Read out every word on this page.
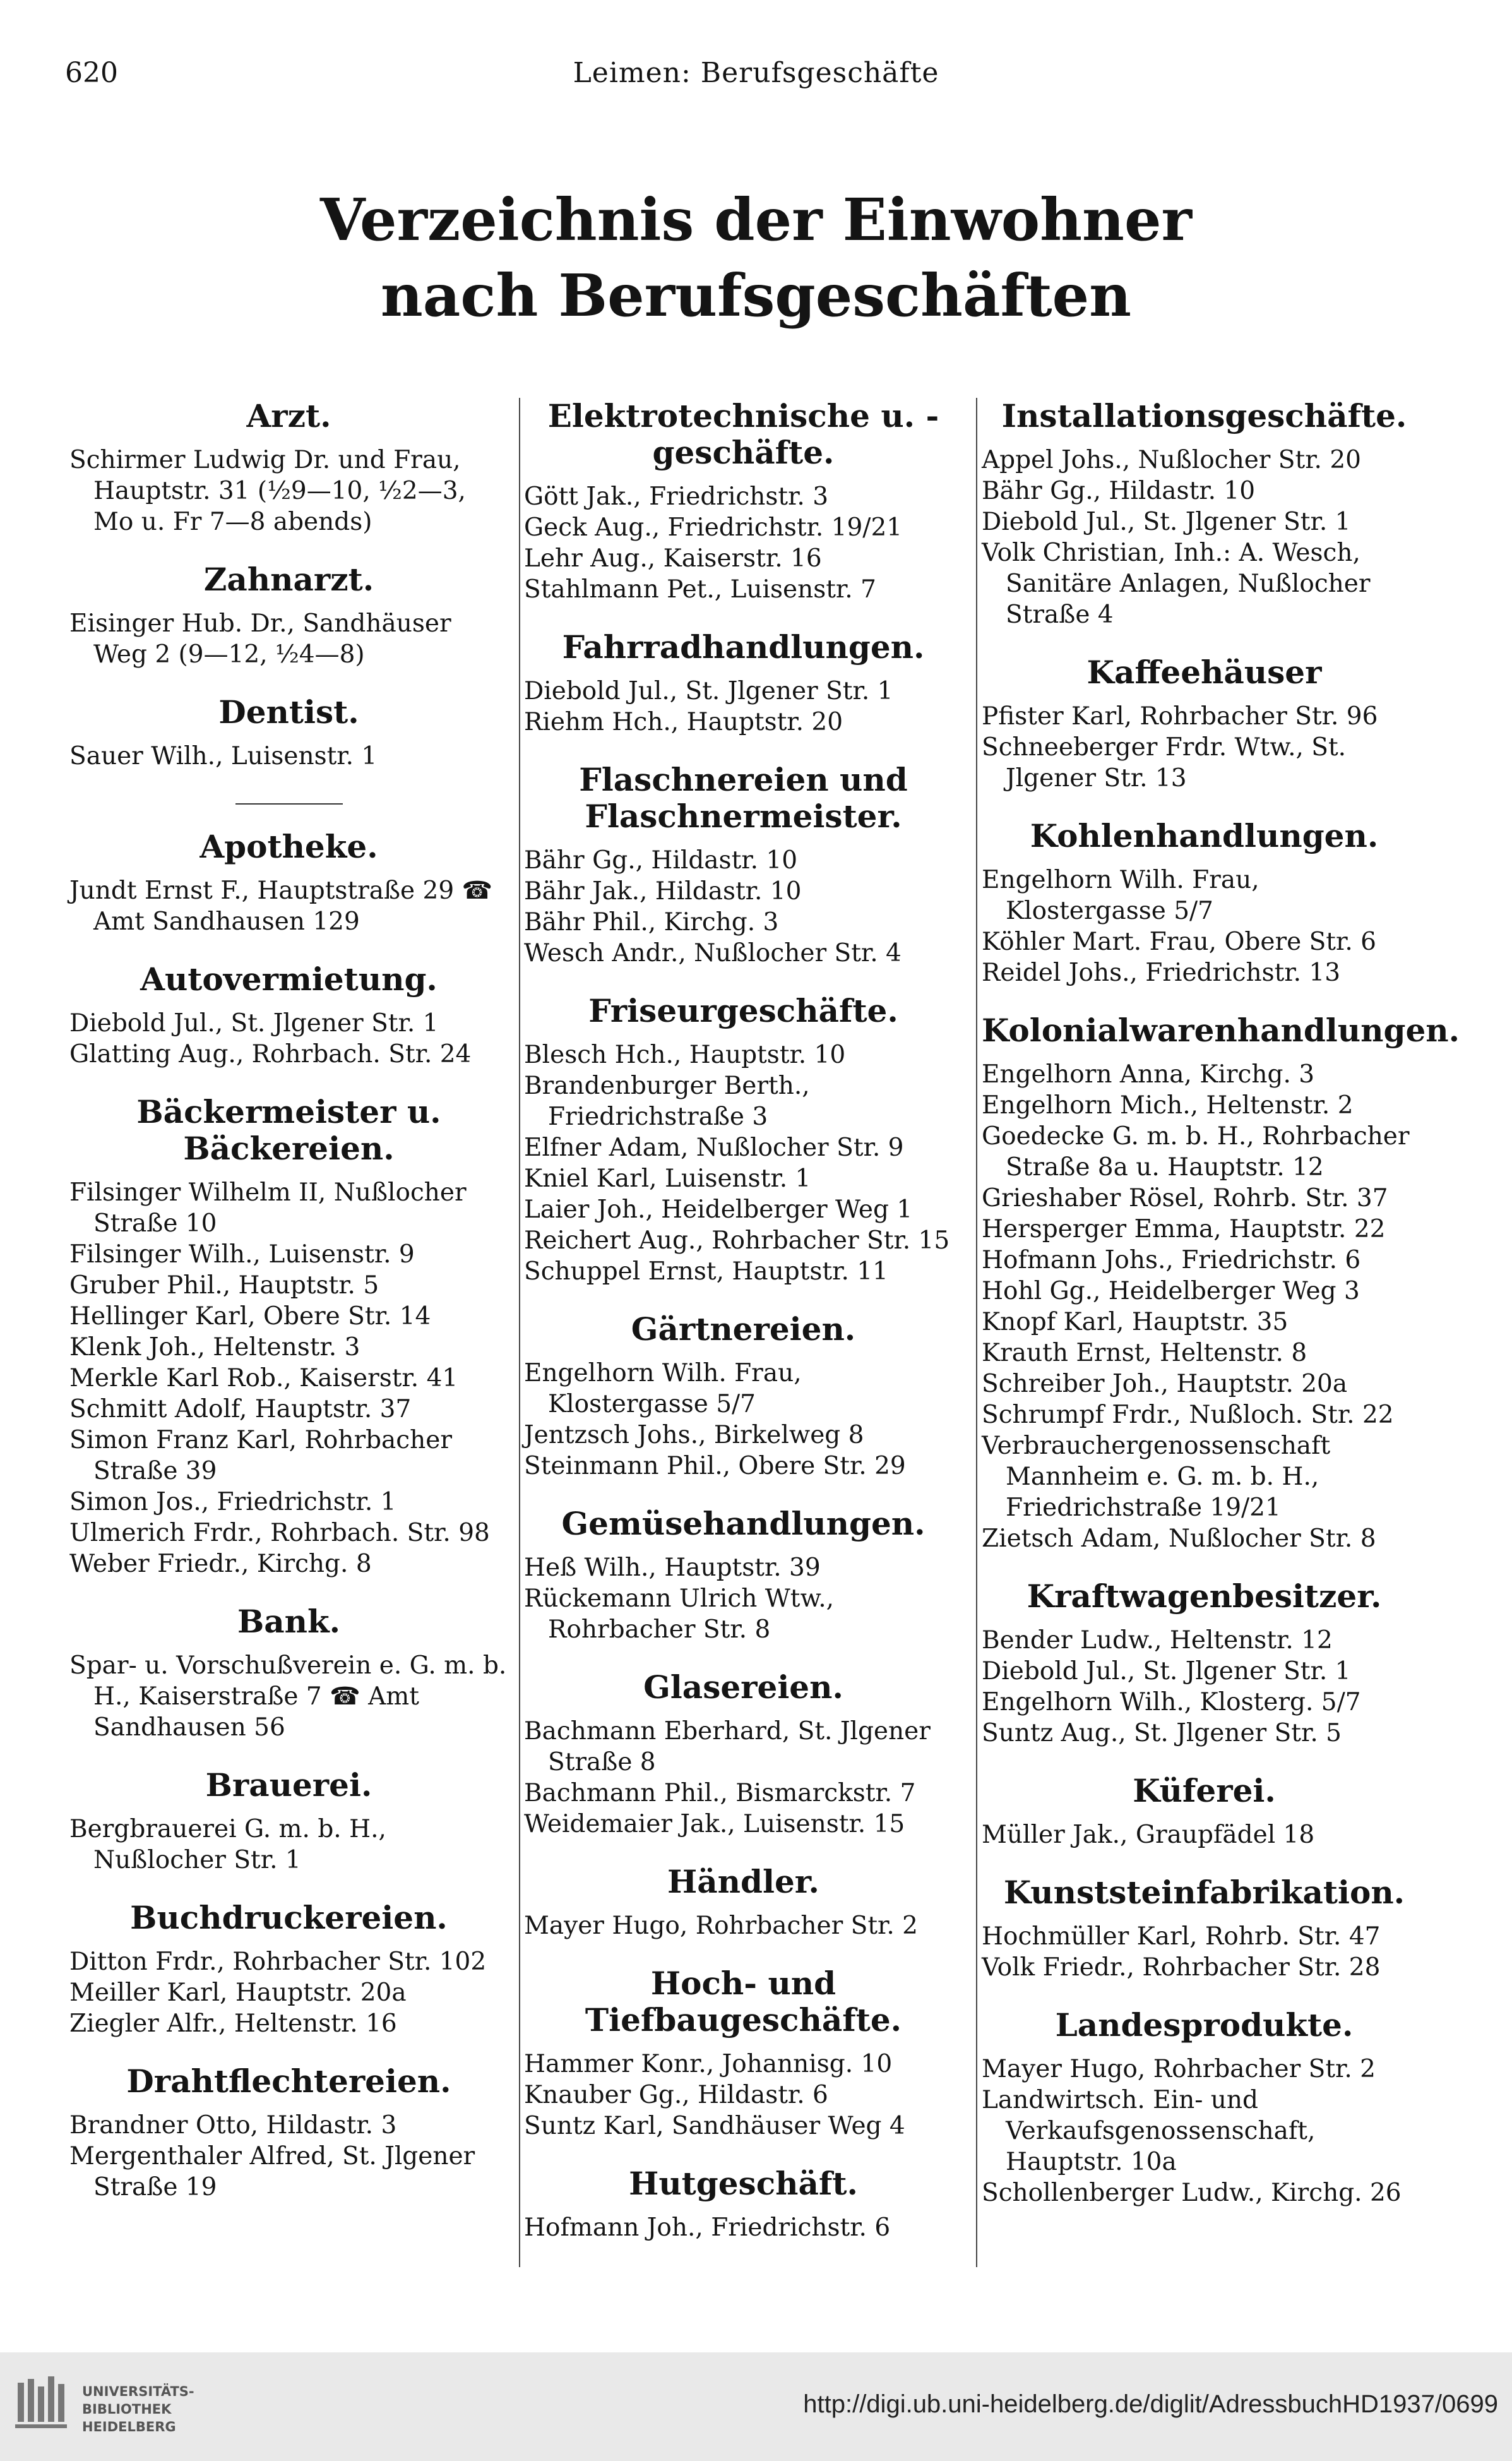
620	Leimen: Berufsgeschäfte
Verzeichnis der Einwohner
nach Berufsgeschäften
Arzt.
Schirmer Ludwig Dr. und Frau, Hauptstr. 31 (½9—10, ½2—3, Mo u. Fr 7—8 abends)
Zahnarzt.
Eisinger Hub. Dr., Sandhäuser Weg 2 (9—12, ½4—8)
Dentist.
Sauer Wilh., Luisenstr. 1
Apotheke.
Jundt Ernst F., Hauptstraße 29 ☎ Amt Sandhausen 129
Autovermietung.
Diebold Jul., St. Jlgener Str. 1
Glatting Aug., Rohrbach. Str. 24
Bäckermeister u. Bäckereien.
Filsinger Wilhelm II, Nußlocher Straße 10
Filsinger Wilh., Luisenstr. 9
Gruber Phil., Hauptstr. 5
Hellinger Karl, Obere Str. 14
Klenk Joh., Heltenstr. 3
Merkle Karl Rob., Kaiserstr. 41
Schmitt Adolf, Hauptstr. 37
Simon Franz Karl, Rohrbacher Straße 39
Simon Jos., Friedrichstr. 1
Ulmerich Frdr., Rohrbach. Str. 98
Weber Friedr., Kirchg. 8
Bank.
Spar- u. Vorschußverein e. G. m. b. H., Kaiserstraße 7 ☎ Amt Sandhausen 56
Brauerei.
Bergbrauerei G. m. b. H., Nußlocher Str. 1
Buchdruckereien.
Ditton Frdr., Rohrbacher Str. 102
Meiller Karl, Hauptstr. 20a
Ziegler Alfr., Heltenstr. 16
Drahtflechtereien.
Brandner Otto, Hildastr. 3
Mergenthaler Alfred, St. Jlgener Straße 19
Elektrotechnische u. -geschäfte.
Gött Jak., Friedrichstr. 3
Geck Aug., Friedrichstr. 19/21
Lehr Aug., Kaiserstr. 16
Stahlmann Pet., Luisenstr. 7
Fahrradhandlungen.
Diebold Jul., St. Jlgener Str. 1
Riehm Hch., Hauptstr. 20
Flaschnereien und Flaschnermeister.
Bähr Gg., Hildastr. 10
Bähr Jak., Hildastr. 10
Bähr Phil., Kirchg. 3
Wesch Andr., Nußlocher Str. 4
Friseurgeschäfte.
Blesch Hch., Hauptstr. 10
Brandenburger Berth., Friedrichstraße 3
Elfner Adam, Nußlocher Str. 9
Kniel Karl, Luisenstr. 1
Laier Joh., Heidelberger Weg 1
Reichert Aug., Rohrbacher Str. 15
Schuppel Ernst, Hauptstr. 11
Gärtnereien.
Engelhorn Wilh. Frau, Klostergasse 5/7
Jentzsch Johs., Birkelweg 8
Steinmann Phil., Obere Str. 29
Gemüsehandlungen.
Heß Wilh., Hauptstr. 39
Rückemann Ulrich Wtw., Rohrbacher Str. 8
Glasereien.
Bachmann Eberhard, St. Jlgener Straße 8
Bachmann Phil., Bismarckstr. 7
Weidemaier Jak., Luisenstr. 15
Händler.
Mayer Hugo, Rohrbacher Str. 2
Hoch- und Tiefbaugeschäfte.
Hammer Konr., Johannisg. 10
Knauber Gg., Hildastr. 6
Suntz Karl, Sandhäuser Weg 4
Hutgeschäft.
Hofmann Joh., Friedrichstr. 6
Installationsgeschäfte.
Appel Johs., Nußlocher Str. 20
Bähr Gg., Hildastr. 10
Diebold Jul., St. Jlgener Str. 1
Volk Christian, Inh.: A. Wesch, Sanitäre Anlagen, Nußlocher Straße 4
Kaffeehäuser
Pfister Karl, Rohrbacher Str. 96
Schneeberger Frdr. Wtw., St. Jlgener Str. 13
Kohlenhandlungen.
Engelhorn Wilh. Frau, Klostergasse 5/7
Köhler Mart. Frau, Obere Str. 6
Reidel Johs., Friedrichstr. 13
Kolonialwarenhandlungen.
Engelhorn Anna, Kirchg. 3
Engelhorn Mich., Heltenstr. 2
Goedecke G. m. b. H., Rohrbacher Straße 8a u. Hauptstr. 12
Grieshaber Rösel, Rohrb. Str. 37
Hersperger Emma, Hauptstr. 22
Hofmann Johs., Friedrichstr. 6
Hohl Gg., Heidelberger Weg 3
Knopf Karl, Hauptstr. 35
Krauth Ernst, Heltenstr. 8
Schreiber Joh., Hauptstr. 20a
Schrumpf Frdr., Nußloch. Str. 22
Verbrauchergenossenschaft Mannheim e. G. m. b. H., Friedrichstraße 19/21
Zietsch Adam, Nußlocher Str. 8
Kraftwagenbesitzer.
Bender Ludw., Heltenstr. 12
Diebold Jul., St. Jlgener Str. 1
Engelhorn Wilh., Klosterg. 5/7
Suntz Aug., St. Jlgener Str. 5
Küferei.
Müller Jak., Graupfädel 18
Kunststeinfabrikation.
Hochmüller Karl, Rohrb. Str. 47
Volk Friedr., Rohrbacher Str. 28
Landesprodukte.
Mayer Hugo, Rohrbacher Str. 2
Landwirtsch. Ein- und Verkaufsgenossenschaft, Hauptstr. 10a
Schollenberger Ludw., Kirchg. 26
UNIVERSITÄTS-
BIBLIOTHEK
HEIDELBERG
http://digi.ub.uni-heidelberg.de/diglit/AdressbuchHD1937/0699
